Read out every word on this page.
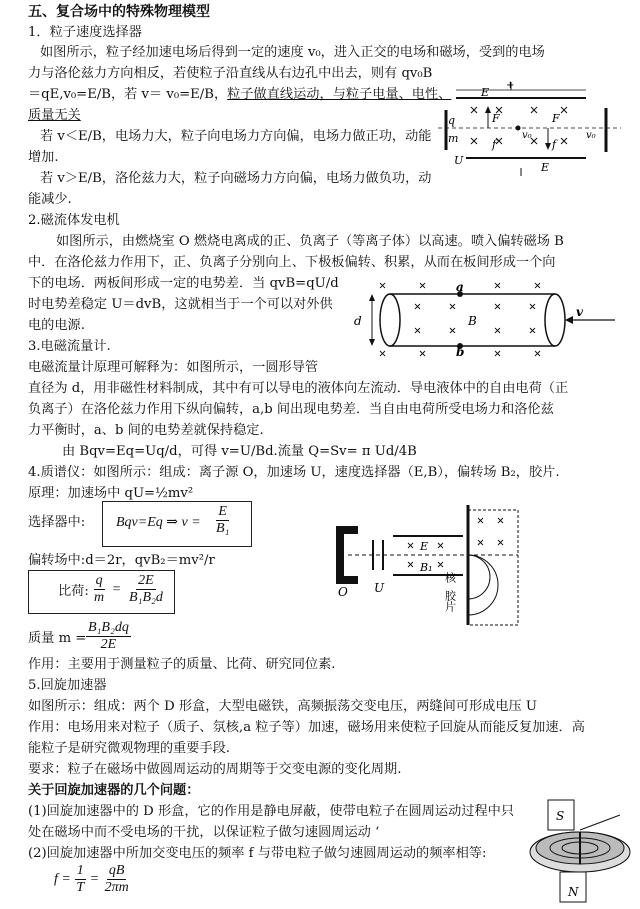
五、复合场中的特殊物理模型
1．粒子速度选择器
如图所示，粒子经加速电场后得到一定的速度 v₀，进入正交的电场和磁场，受到的电场
力与洛伦兹力方向相反，若使粒子沿直线从右边孔中出去，则有 qv₀B
＝qE,v₀=E/B，若 v＝ v₀=E/B，粒子做直线运动，与粒子电量、电性、
质量无关
若 v＜E/B，电场力大，粒子向电场力方向偏，电场力做正功，动能
增加.
若 v＞E/B，洛伦兹力大，粒子向磁场力方向偏，电场力做负功，动
能减少.
E
E
+
U
q
m	v₀	v₀
F	F
f	f
2.磁流体发电机
如图所示，由燃烧室 O 燃烧电离成的正、负离子（等离子体）以高速。喷入偏转磁场 B
中．在洛伦兹力作用下，正、负离子分别向上、下极板偏转、积累，从而在板间形成一个向
下的电场．两板间形成一定的电势差．当 qvB=qU/d
时电势差稳定 U＝dvB，这就相当于一个可以对外供
电的电源.
a
b
B
d
v
3.电磁流量计.
电磁流量计原理可解释为：如图所示，一圆形导管
直径为 d，用非磁性材料制成，其中有可以导电的液体向左流动．导电液体中的自由电荷（正
负离子）在洛伦兹力作用下纵向偏转，a,b 间出现电势差．当自由电荷所受电场力和洛伦兹
力平衡时，a、b 间的电势差就保持稳定.
由 Bqv=Eq=Uq/d，可得 v=U/Bd.流量 Q=Sv= π Ud/4B
4.质谱仪：如图所示：组成：离子源 O，加速场 U，速度选择器（E,B），偏转场 B₂，胶片.
原理：加速场中 qU=½mv²
选择器中: Bqv=Eq ⇒ $v = \frac{E}{\text{B₁}}$
偏转场中:d＝2r，qvB₂＝mv²/r
比荷: $\frac{q}{m} = \frac{2E}{\text{B₁B₂d}}$
质量 $m = \frac{\text{B₁B₂dq}}{2E}$
作用：主要用于测量粒子的质量、比荷、研究同位素.
O
E
B₁
U
核
胶片
5.回旋加速器
如图所示：组成：两个 D 形盒，大型电磁铁，高频振荡交变电压，两缝间可形成电压 U
作用：电场用来对粒子（质子、氛核,a 粒子等）加速，磁场用来使粒子回旋从而能反复加速．高
能粒子是研究微观物理的重要手段.
要求：粒子在磁场中做圆周运动的周期等于交变电源的变化周期.
关于回旋加速器的几个问题：
(1)回旋加速器中的 D 形盒，它的作用是静电屏蔽，使带电粒子在圆周运动过程中只
处在磁场中而不受电场的干扰，以保证粒子做匀速圆周运动 ‘
(2)回旋加速器中所加交变电压的频率 f 与带电粒子做匀速圆周运动的频率相等:
$f = \frac{1}{T} = \frac{qB}{2\pi m}$
S
N
